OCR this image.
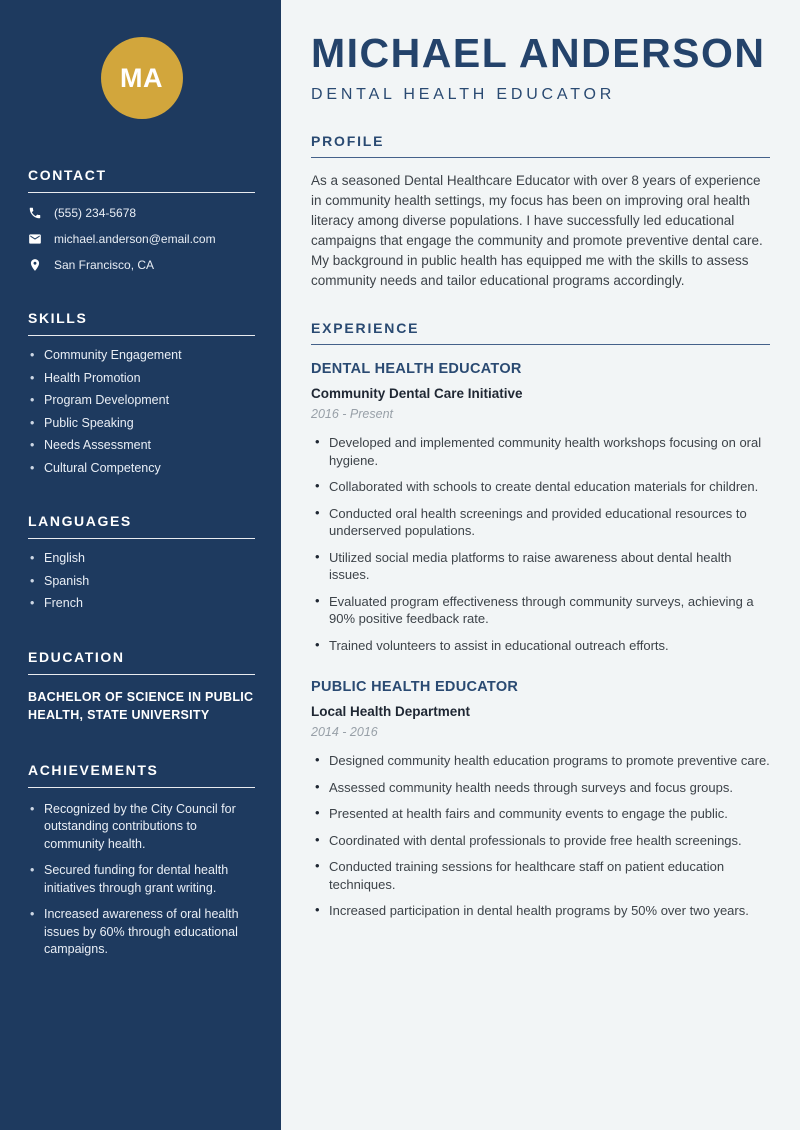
MA
CONTACT
(555) 234-5678
michael.anderson@email.com
San Francisco, CA
SKILLS
• Community Engagement
• Health Promotion
• Program Development
• Public Speaking
• Needs Assessment
• Cultural Competency
LANGUAGES
• English
• Spanish
• French
EDUCATION
BACHELOR OF SCIENCE IN PUBLIC HEALTH, STATE UNIVERSITY
ACHIEVEMENTS
• Recognized by the City Council for outstanding contributions to community health.
• Secured funding for dental health initiatives through grant writing.
• Increased awareness of oral health issues by 60% through educational campaigns.
MICHAEL ANDERSON
DENTAL HEALTH EDUCATOR
PROFILE

As a seasoned Dental Healthcare Educator with over 8 years of experience in community health settings, my focus has been on improving oral health literacy among diverse populations. I have successfully led educational campaigns that engage the community and promote preventive dental care. My background in public health has equipped me with the skills to assess community needs and tailor educational programs accordingly.

EXPERIENCE
DENTAL HEALTH EDUCATOR
Community Dental Care Initiative
2016 - Present
• Developed and implemented community health workshops focusing on oral hygiene.
• Collaborated with schools to create dental education materials for children.
• Conducted oral health screenings and provided educational resources to underserved populations.
• Utilized social media platforms to raise awareness about dental health issues.
• Evaluated program effectiveness through community surveys, achieving a 90% positive feedback rate.
• Trained volunteers to assist in educational outreach efforts.
PUBLIC HEALTH EDUCATOR
Local Health Department
2014 - 2016
• Designed community health education programs to promote preventive care.
• Assessed community health needs through surveys and focus groups.
• Presented at health fairs and community events to engage the public.
• Coordinated with dental professionals to provide free health screenings.
• Conducted training sessions for healthcare staff on patient education techniques.
• Increased participation in dental health programs by 50% over two years.
